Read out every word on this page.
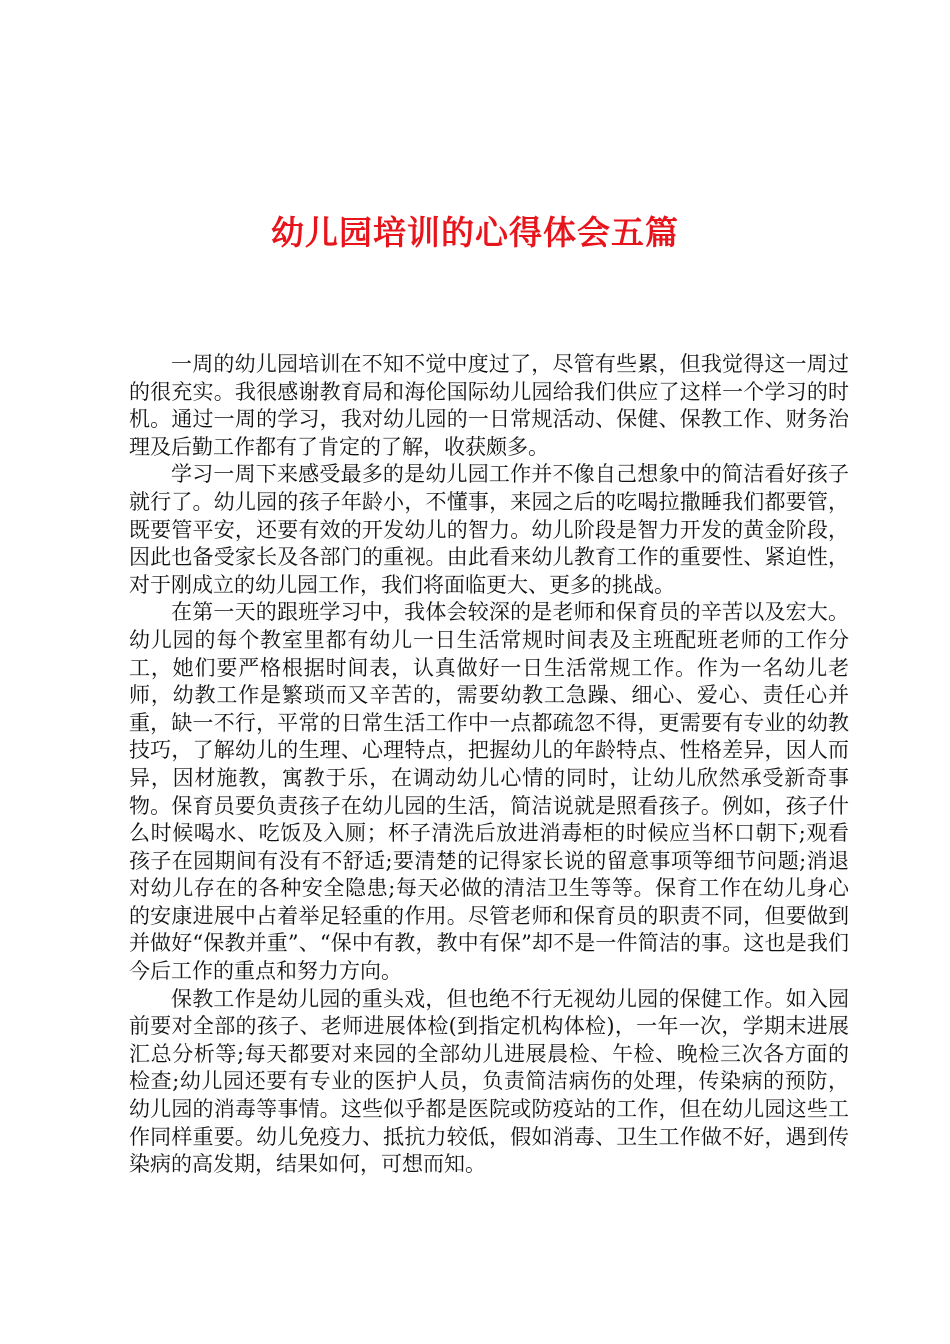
幼儿园培训的心得体会五篇

一周的幼儿园培训在不知不觉中度过了，尽管有些累，但我觉得这一周过的很充实。我很感谢教育局和海伦国际幼儿园给我们供应了这样一个学习的时机。通过一周的学习，我对幼儿园的一日常规活动、保健、保教工作、财务治理及后勤工作都有了肯定的了解，收获颇多。

学习一周下来感受最多的是幼儿园工作并不像自己想象中的简洁看好孩子就行了。幼儿园的孩子年龄小，不懂事，来园之后的吃喝拉撒睡我们都要管，既要管平安，还要有效的开发幼儿的智力。幼儿阶段是智力开发的黄金阶段，因此也备受家长及各部门的重视。由此看来幼儿教育工作的重要性、紧迫性，对于刚成立的幼儿园工作，我们将面临更大、更多的挑战。

在第一天的跟班学习中，我体会较深的是老师和保育员的辛苦以及宏大。幼儿园的每个教室里都有幼儿一日生活常规时间表及主班配班老师的工作分工，她们要严格根据时间表，认真做好一日生活常规工作。作为一名幼儿老师，幼教工作是繁琐而又辛苦的，需要幼教工急躁、细心、爱心、责任心并重，缺一不行，平常的日常生活工作中一点都疏忽不得，更需要有专业的幼教技巧，了解幼儿的生理、心理特点，把握幼儿的年龄特点、性格差异，因人而异，因材施教，寓教于乐，在调动幼儿心情的同时，让幼儿欣然承受新奇事物。保育员要负责孩子在幼儿园的生活，简洁说就是照看孩子。例如，孩子什么时候喝水、吃饭及入厕；杯子清洗后放进消毒柜的时候应当杯口朝下;观看孩子在园期间有没有不舒适;要清楚的记得家长说的留意事项等细节问题;消退对幼儿存在的各种安全隐患;每天必做的清洁卫生等等。保育工作在幼儿身心的安康进展中占着举足轻重的作用。尽管老师和保育员的职责不同，但要做到并做好“保教并重”、“保中有教，教中有保”却不是一件简洁的事。这也是我们今后工作的重点和努力方向。

保教工作是幼儿园的重头戏，但也绝不行无视幼儿园的保健工作。如入园前要对全部的孩子、老师进展体检(到指定机构体检)，一年一次，学期末进展汇总分析等;每天都要对来园的全部幼儿进展晨检、午检、晚检三次各方面的检查;幼儿园还要有专业的医护人员，负责简洁病伤的处理，传染病的预防，幼儿园的消毒等事情。这些似乎都是医院或防疫站的工作，但在幼儿园这些工作同样重要。幼儿免疫力、抵抗力较低，假如消毒、卫生工作做不好，遇到传染病的高发期，结果如何，可想而知。
